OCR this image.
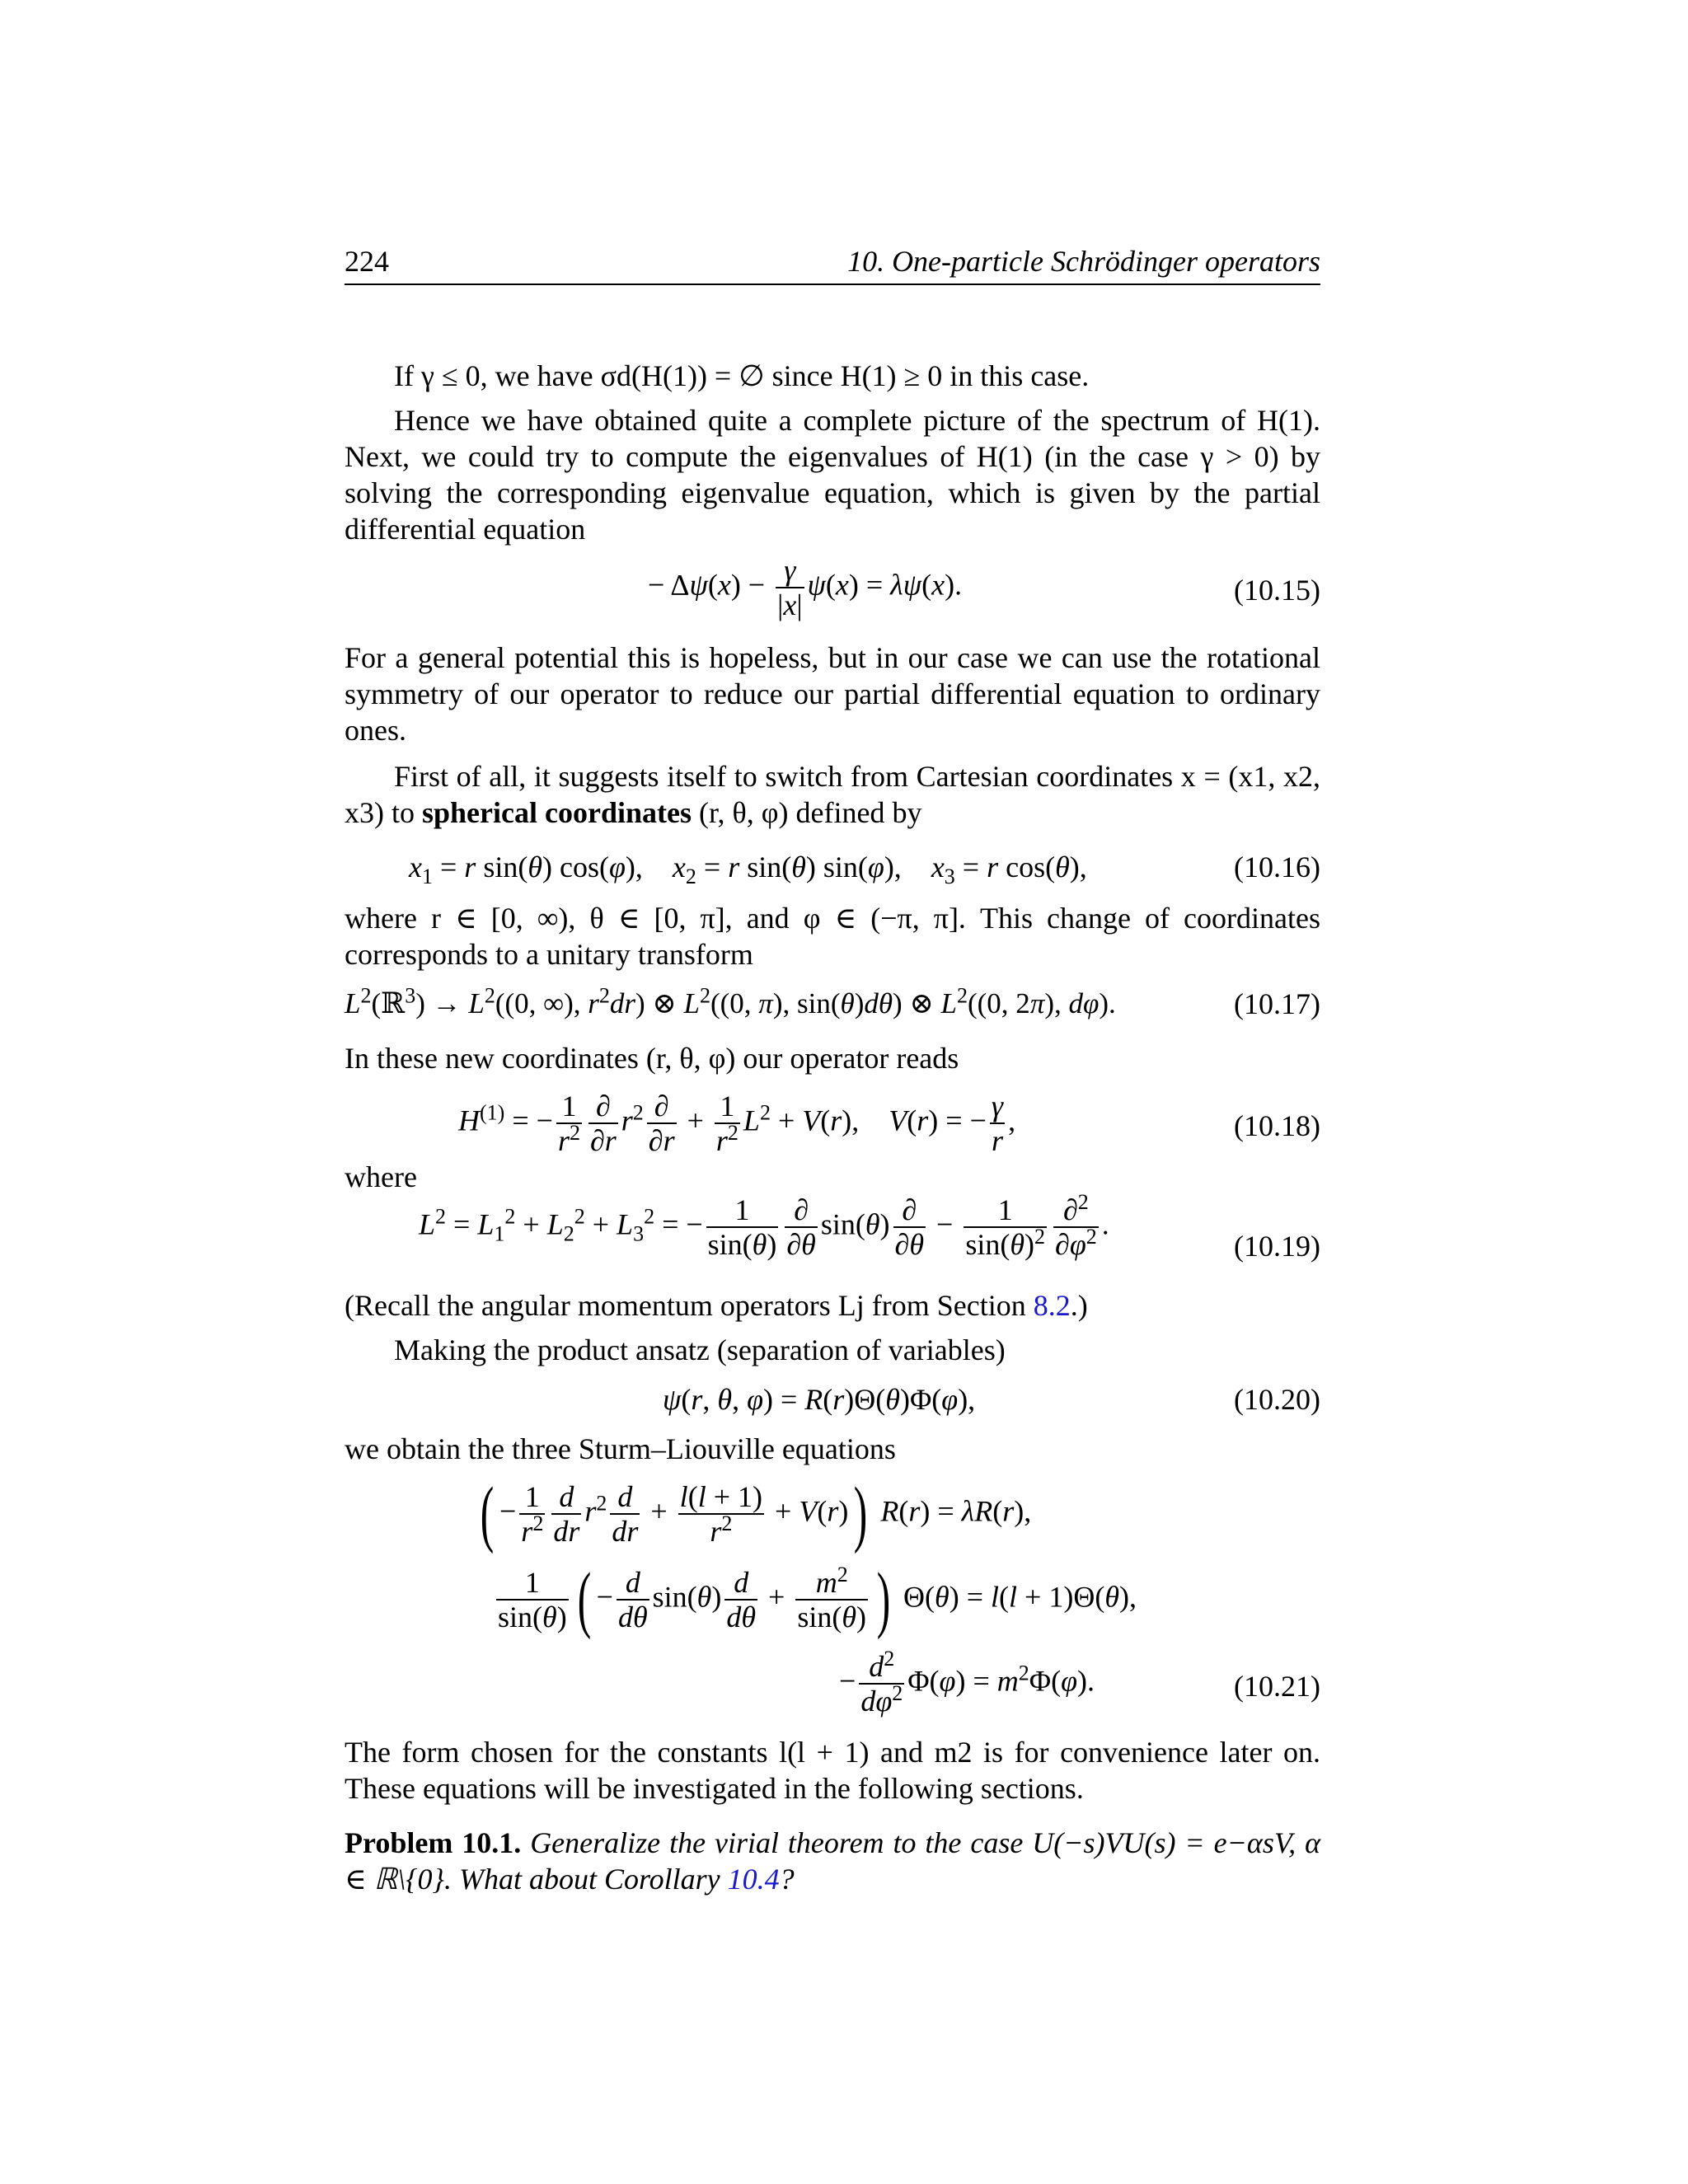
224	10. One-particle Schrödinger operators
If γ ≤ 0, we have σd(H(1)) = ∅ since H(1) ≥ 0 in this case.
Hence we have obtained quite a complete picture of the spectrum of H(1). Next, we could try to compute the eigenvalues of H(1) (in the case γ > 0) by solving the corresponding eigenvalue equation, which is given by the partial differential equation
− $\Delta\psi(x) - \frac{\gamma}{|x|} \psi(x) = \lambda\psi(x)$.	(10.15)
For a general potential this is hopeless, but in our case we can use the rotational symmetry of our operator to reduce our partial differential equation to ordinary ones.
First of all, it suggests itself to switch from Cartesian coordinates x = (x1, x2, x3) to spherical coordinates (r, θ, φ) defined by
$x_1 = r$ sin(θ) cos(φ),    $x_2 = r$ sin(θ) sin(φ),    $x_3 = r$ cos(θ),	(10.16)
where r ∈ [0, ∞), θ ∈ [0, π], and φ ∈ (−π, π]. This change of coordinates corresponds to a unitary transform
$L^2(ℝ^3) \to L^2((0$, ∞), $r^2dr$) ⊗ $L^2((0$, π), sin(θ)dθ) ⊗ $L^2((0$, 2π), dφ).	(10.17)
In these new coordinates (r, θ, φ) our operator reads
$H^{(1)}$ = − $\frac{1}{r^2} \frac{\partial}{\partial r} r^2 \frac{\partial}{\partial r} + \frac{1}{r^2} L^2 + V(r)$,    V(r) = − $\frac{\gamma}{r}$ ,	(10.18)
where
$L^2 = L_1^2 + L_2^2 + L_3^2$ = − $\frac{1}{\sin(\theta)} \frac{\partial}{\partial\theta} \sin(\theta) \frac{\partial}{\partial\theta} - \frac{1}{\sin(\theta)^2} \frac{\partial^2}{\partial\varphi^2}$ .
(10.19)
(Recall the angular momentum operators Lj from Section 8.2.)
Making the product ansatz (separation of variables)
ψ(r, θ, φ) = R(r)Θ(θ)Φ(φ),	(10.20)
we obtain the three Sturm–Liouville equations
( − $\frac{1}{r^2} \frac{d}{dr} r^2 \frac{d}{dr} + \frac{l(l + 1)}{r^2} + V(r)$) R(r) = λR(r),
$\frac{1}{\sin(\theta)}$ ( − $\frac{d}{d\theta} \sin(\theta) \frac{d}{d\theta} + \frac{m^2}{\sin(\theta)}$ ) Θ(θ) = l(l + 1)Θ(θ),
− $\frac{d^2}{d\varphi^2} \Phi(\varphi) = m^2\Phi(\varphi)$.	(10.21)
The form chosen for the constants l(l + 1) and m2 is for convenience later on. These equations will be investigated in the following sections.
Problem 10.1. Generalize the virial theorem to the case U(−s)VU(s) = e−αsV, α ∈ ℝ\{0}. What about Corollary 10.4?
